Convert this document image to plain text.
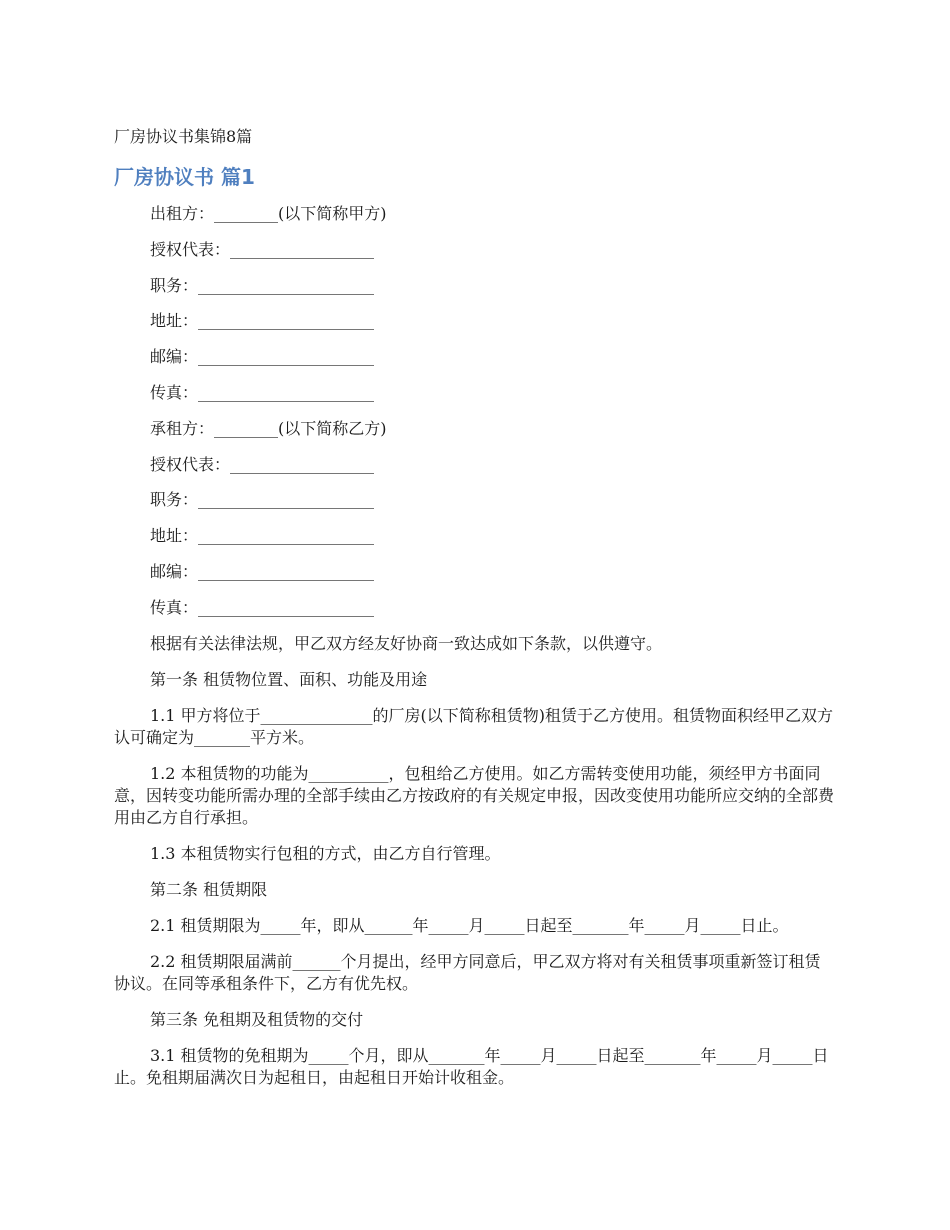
厂房协议书集锦8篇

厂房协议书 篇1

出租方：________(以下简称甲方)

授权代表：__________________

职务：______________________

地址：______________________

邮编：______________________

传真：______________________

承租方：________(以下简称乙方)

授权代表：__________________

职务：______________________

地址：______________________

邮编：______________________

传真：______________________

根据有关法律法规，甲乙双方经友好协商一致达成如下条款，以供遵守。

第一条 租赁物位置、面积、功能及用途

1.1 甲方将位于______________的厂房(以下简称租赁物)租赁于乙方使用。租赁物面积经甲乙双方认可确定为_______平方米。

1.2 本租赁物的功能为__________，包租给乙方使用。如乙方需转变使用功能，须经甲方书面同意，因转变功能所需办理的全部手续由乙方按政府的有关规定申报，因改变使用功能所应交纳的全部费用由乙方自行承担。

1.3 本租赁物实行包租的方式，由乙方自行管理。

第二条 租赁期限

2.1 租赁期限为_____年，即从______年_____月_____日起至_______年_____月_____日止。

2.2 租赁期限届满前______个月提出，经甲方同意后，甲乙双方将对有关租赁事项重新签订租赁协议。在同等承租条件下，乙方有优先权。

第三条 免租期及租赁物的交付

3.1 租赁物的免租期为_____个月，即从_______年_____月_____日起至_______年_____月_____日止。免租期届满次日为起租日，由起租日开始计收租金。
